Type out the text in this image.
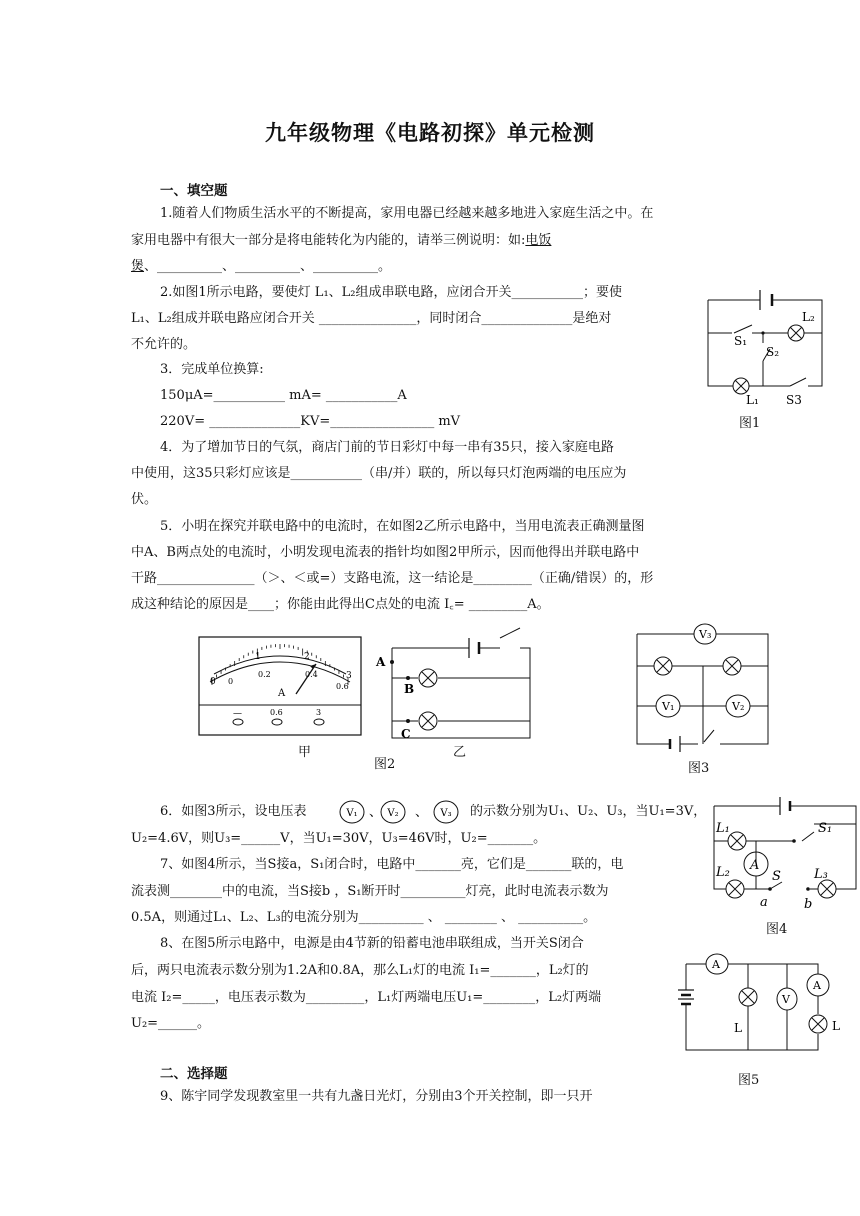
九年级物理《电路初探》单元检测
一、填空题
1.随着人们物质生活水平的不断提高，家用电器已经越来越多地进入家庭生活之中。在
家用电器中有很大一部分是将电能转化为内能的，请举三例说明：如:电饭
煲、__________、__________、__________。
2.如图1所示电路，要使灯 L₁、L₂组成串联电路，应闭合开关___________；要使
L₁、L₂组成并联电路应闭合开关 _______________，同时闭合______________是绝对
不允许的。
3．完成单位换算:
150μA=___________ mA= ___________A
220V= ______________KV=________________ mV
4．为了增加节日的气氛，商店门前的节日彩灯中每一串有35只，接入家庭电路
中使用，这35只彩灯应该是___________（串/并）联的，所以每只灯泡两端的电压应为
伏。
5．小明在探究并联电路中的电流时，在如图2乙所示电路中，当用电流表正确测量图
中A、B两点处的电流时，小明发现电流表的指针均如图2甲所示，因而他得出并联电路中
干路_______________（＞、＜或=）支路电流，这一结论是_________（正确/错误）的，形
成这种结论的原因是____；你能由此得出C点处的电流 I꜀= _________A。
6．如图3所示，设电压表	V₁ 、 V₂ 、 V₃ 的示数分别为U₁、U₂、U₃，当U₁=3V，
U₂=4.6V，则U₃=______V，当U₁=30V，U₃=46V时，U₂=_______。
7、如图4所示，当S接a，S₁闭合时，电路中_______亮，它们是_______联的，电
流表测________中的电流，当S接b ，S₁断开时__________灯亮，此时电流表示数为
0.5A，则通过L₁、L₂、L₃的电流分别为__________ 、 ________ 、 __________。
8、在图5所示电路中，电源是由4节新的铅蓄电池串联组成，当开关S闭合
后，两只电流表示数分别为1.2A和0.8A，那么L₁灯的电流 I₁=_______，L₂灯的
电流 I₂=_____，电压表示数为_________，L₁灯两端电压U₁=________，L₂灯两端
U₂=______。
二、选择题
9、陈宇同学发现教室里一共有九盏日光灯，分别由3个开关控制，即一只开
L₂
S₁
S₂
L₁ S3
图1
0
1	2
3
0
0.2	0.4
0.6
A
—	0.6	3
甲
A
B
C
图2
乙
V₃
V₁	V₂
图3
L₁	S₁
A
L₂	S	L₃
a	b
图4
A
V
A
L	L
图5
